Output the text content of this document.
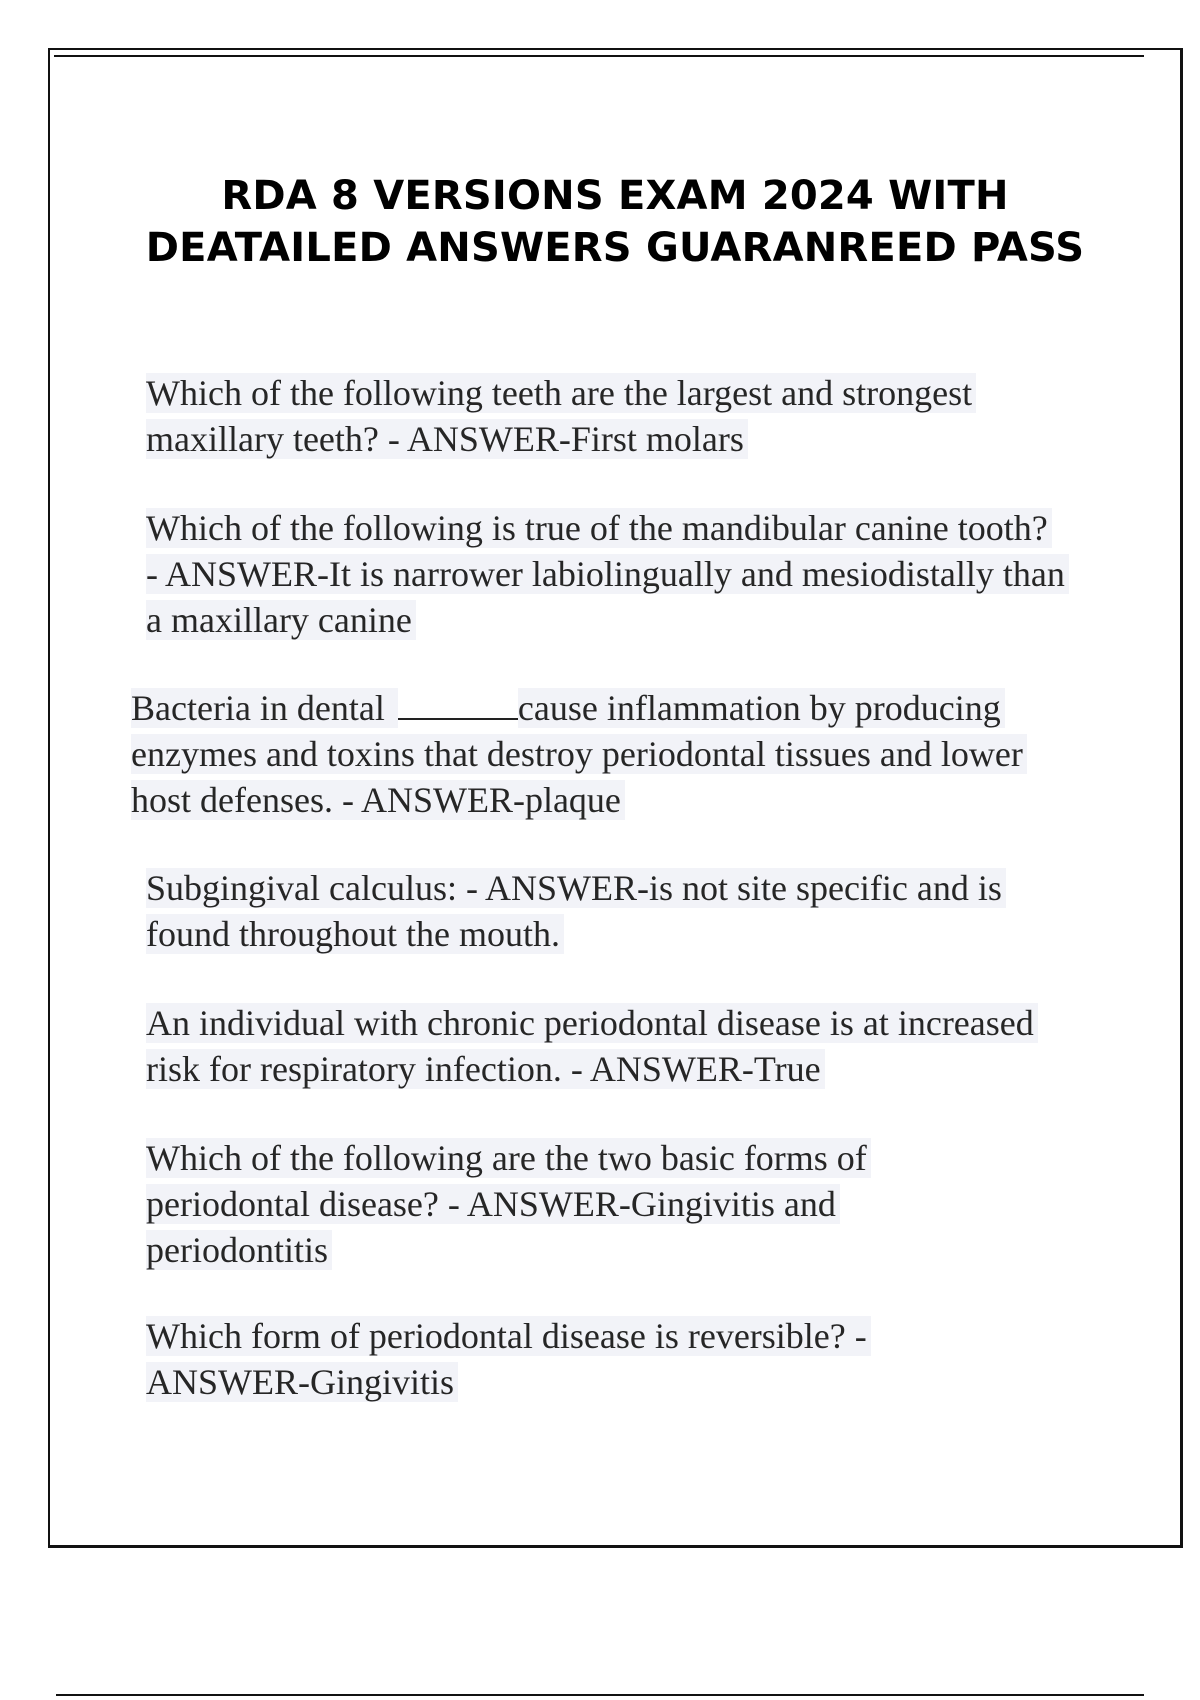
RDA 8 VERSIONS EXAM 2024 WITH
DEATAILED ANSWERS GUARANREED PASS
Which of the following teeth are the largest and strongest maxillary teeth? - ANSWER-First molars
Which of the following is true of the mandibular canine tooth? - ANSWER-It is narrower labiolingually and mesiodistally than a maxillary canine
Bacteria in dental	cause inflammation by producing enzymes and toxins that destroy periodontal tissues and lower host defenses. - ANSWER-plaque
Subgingival calculus: - ANSWER-is not site specific and is found throughout the mouth.
An individual with chronic periodontal disease is at increased risk for respiratory infection. - ANSWER-True
Which of the following are the two basic forms of periodontal disease? - ANSWER-Gingivitis and periodontitis
Which form of periodontal disease is reversible? - ANSWER-Gingivitis
